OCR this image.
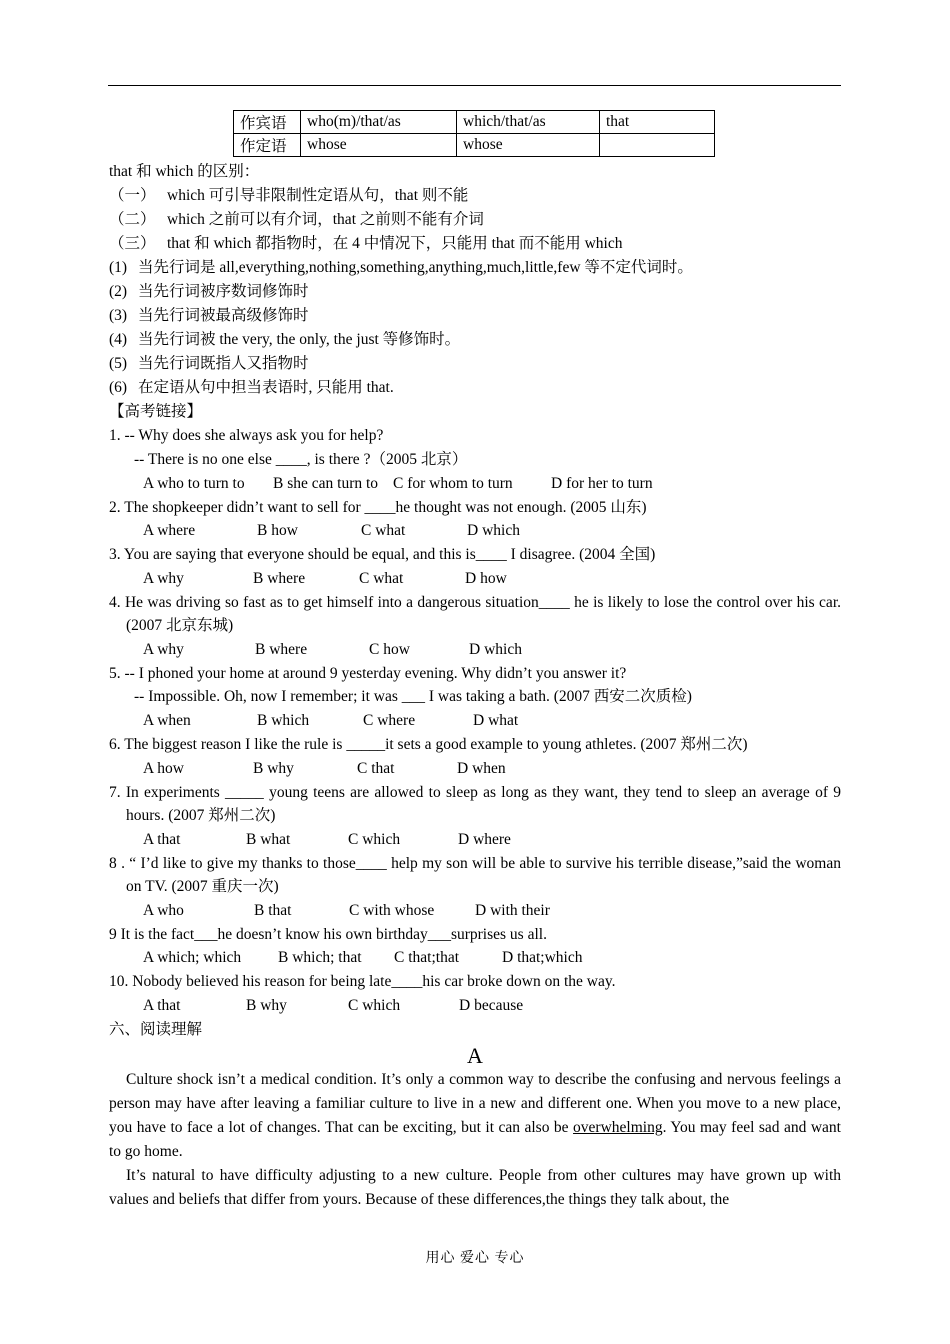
作宾语	who(m)/that/as	which/that/as	that
作定语	whose	whose	
that 和 which 的区别：
（一） which 可引导非限制性定语从句，that 则不能
（二） which 之前可以有介词，that 之前则不能有介词
（三） that 和 which 都指物时，在 4 中情况下，只能用 that 而不能用 which
(1) 当先行词是 all,everything,nothing,something,anything,much,little,few 等不定代词时。
(2) 当先行词被序数词修饰时
(3) 当先行词被最高级修饰时
(4) 当先行词被 the very, the only, the just 等修饰时。
(5) 当先行词既指人又指物时
(6) 在定语从句中担当表语时, 只能用 that.
【高考链接】

1. -- Why does she always ask you for help?

-- There is no one else ____, is there ?（2005 北京）
A who to turn to	B she can turn to C for whom to turn	D for her to turn

2. The shopkeeper didn’t want to sell for ____he thought was not enough. (2005 山东)

A where	B how	C what	D which

3. You are saying that everyone should be equal, and this is____ I disagree. (2004 全国)

A why	B where	C what	D how

4. He was driving so fast as to get himself into a dangerous situation____ he is likely to lose the control over his car. (2007 北京东城)

A why	B where	C how	D which

5. -- I phoned your home at around 9 yesterday evening. Why didn’t you answer it?

-- Impossible. Oh, now I remember; it was ___ I was taking a bath. (2007 西安二次质检)
A when	B which	C where	D what

6. The biggest reason I like the rule is _____it sets a good example to young athletes. (2007 郑州二次)

A how	B why	C that	D when

7. In experiments _____ young teens are allowed to sleep as long as they want, they tend to sleep an average of 9 hours. (2007 郑州二次)

A that	B what	C which	D where

8 . “ I’d like to give my thanks to those____ help my son will be able to survive his terrible disease,”said the woman on TV. (2007 重庆一次)

A who	B that	C with whose	D with their

9 It is the fact___he doesn’t know his own birthday___surprises us all.

A which; which	B which; that	C that;that	D that;which

10. Nobody believed his reason for being late____his car broke down on the way.

A that	B why	C which	D because
六、阅读理解
A

Culture shock isn’t a medical condition. It’s only a common way to describe the confusing and nervous feelings a person may have after leaving a familiar culture to live in a new and different one. When you move to a new place, you have to face a lot of changes. That can be exciting, but it can also be overwhelming. You may feel sad and want to go home.

It’s natural to have difficulty adjusting to a new culture. People from other cultures may have grown up with values and beliefs that differ from yours. Because of these differences,the things they talk about, the

用心 爱心 专心
